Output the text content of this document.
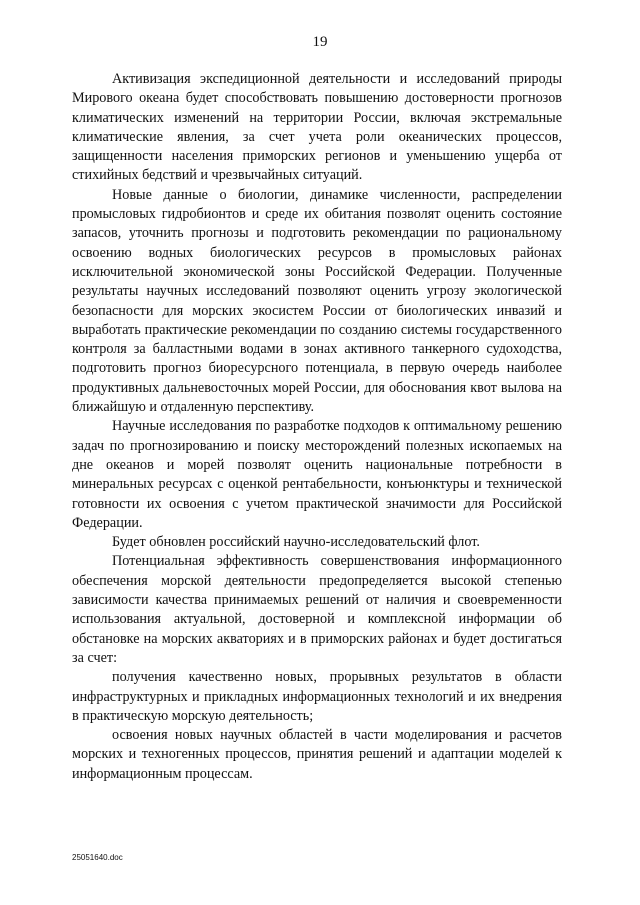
19

Активизация экспедиционной деятельности и исследований природы Мирового океана будет способствовать повышению достоверности прогнозов климатических изменений на территории России, включая экстремальные климатические явления, за счет учета роли океанических процессов, защищенности населения приморских регионов и уменьшению ущерба от стихийных бедствий и чрезвычайных ситуаций.

Новые данные о биологии, динамике численности, распределении промысловых гидробионтов и среде их обитания позволят оценить состояние запасов, уточнить прогнозы и подготовить рекомендации по рациональному освоению водных биологических ресурсов в промысловых районах исключительной экономической зоны Российской Федерации. Полученные результаты научных исследований позволяют оценить угрозу экологической безопасности для морских экосистем России от биологических инвазий и выработать практические рекомендации по созданию системы государственного контроля за балластными водами в зонах активного танкерного судоходства, подготовить прогноз биоресурсного потенциала, в первую очередь наиболее продуктивных дальневосточных морей России, для обоснования квот вылова на ближайшую и отдаленную перспективу.

Научные исследования по разработке подходов к оптимальному решению задач по прогнозированию и поиску месторождений полезных ископаемых на дне океанов и морей позволят оценить национальные потребности в минеральных ресурсах с оценкой рентабельности, конъюнктуры и технической готовности их освоения с учетом практической значимости для Российской Федерации.

Будет обновлен российский научно-исследовательский флот.

Потенциальная эффективность совершенствования информационного обеспечения морской деятельности предопределяется высокой степенью зависимости качества принимаемых решений от наличия и своевременности использования актуальной, достоверной и комплексной информации об обстановке на морских акваториях и в приморских районах и будет достигаться за счет:

получения качественно новых, прорывных результатов в области инфраструктурных и прикладных информационных технологий и их внедрения в практическую морскую деятельность;

освоения новых научных областей в части моделирования и расчетов морских и техногенных процессов, принятия решений и адаптации моделей к информационным процессам.

25051640.doc
